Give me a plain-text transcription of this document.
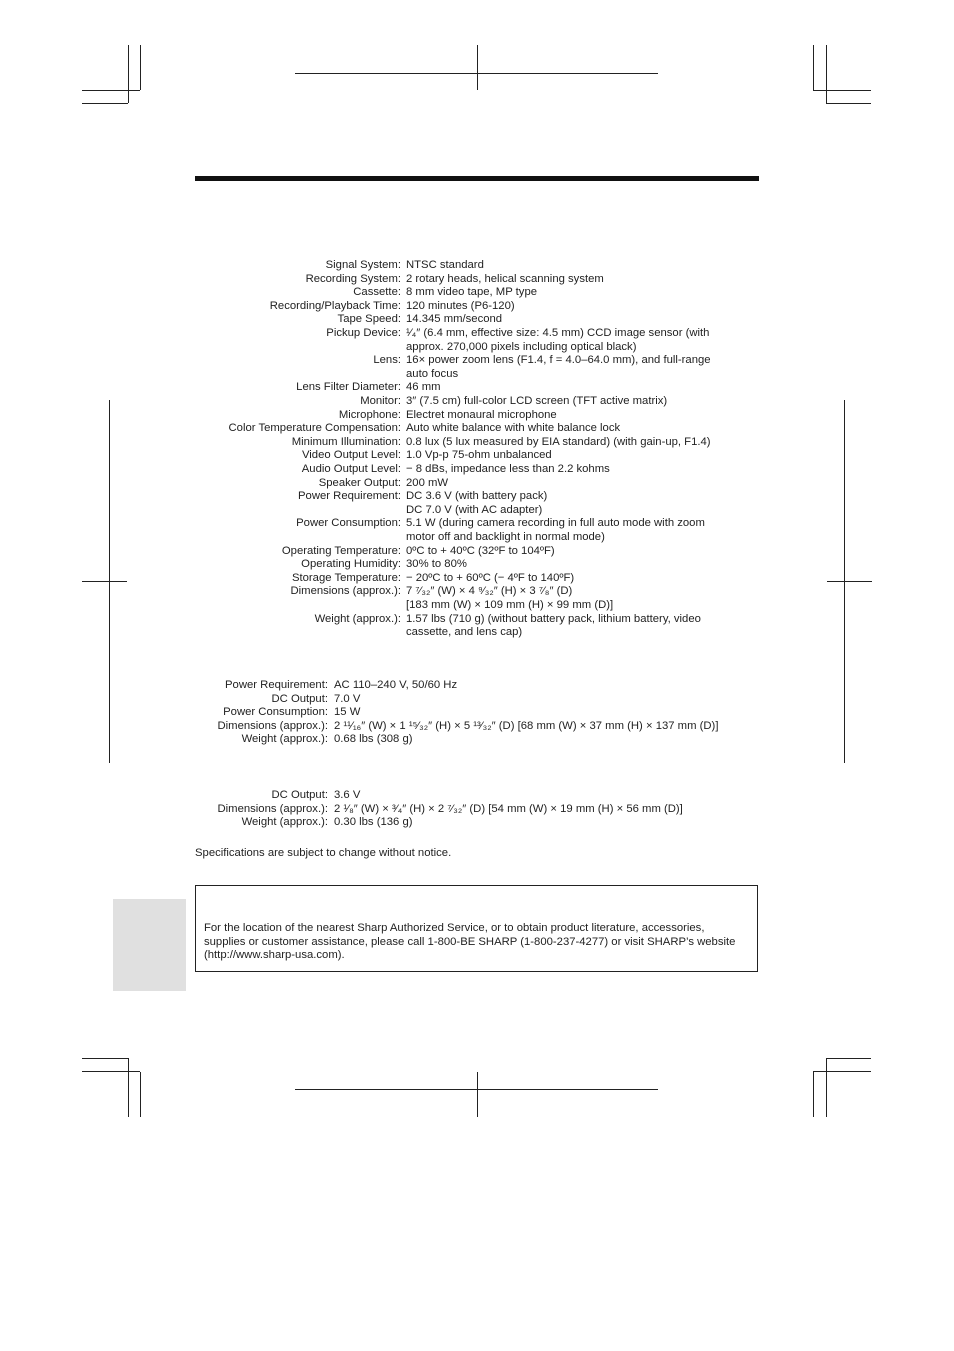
Signal System: NTSC standard
Recording System: 2 rotary heads, helical scanning system
Cassette: 8 mm video tape, MP type
Recording/Playback Time: 120 minutes (P6-120)
Tape Speed: 14.345 mm/second
Pickup Device: ¹⁄₄″ (6.4 mm, effective size: 4.5 mm) CCD image sensor (with
approx. 270,000 pixels including optical black)
Lens: 16× power zoom lens (F1.4, f = 4.0–64.0 mm), and full-range
auto focus
Lens Filter Diameter: 46 mm
Monitor: 3″ (7.5 cm) full-color LCD screen (TFT active matrix)
Microphone: Electret monaural microphone
Color Temperature Compensation: Auto white balance with white balance lock
Minimum Illumination: 0.8 lux (5 lux measured by EIA standard) (with gain-up, F1.4)
Video Output Level: 1.0 Vp-p 75-ohm unbalanced
Audio Output Level: − 8 dBs, impedance less than 2.2 kohms
Speaker Output: 200 mW
Power Requirement: DC 3.6 V (with battery pack)
DC 7.0 V (with AC adapter)
Power Consumption: 5.1 W (during camera recording in full auto mode with zoom
motor off and backlight in normal mode)
Operating Temperature: 0ºC to + 40ºC (32ºF to 104ºF)
Operating Humidity: 30% to 80%
Storage Temperature: − 20ºC to + 60ºC (− 4ºF to 140ºF)
Dimensions (approx.): 7 ⁷⁄₃₂″ (W) × 4 ⁹⁄₃₂″ (H) × 3 ⁷⁄₈″ (D)
[183 mm (W) × 109 mm (H) × 99 mm (D)]
Weight (approx.): 1.57 lbs (710 g) (without battery pack, lithium battery, video
cassette, and lens cap)
Power Requirement: AC 110–240 V, 50/60 Hz
DC Output: 7.0 V
Power Consumption: 15 W
Dimensions (approx.): 2 ¹¹⁄₁₆″ (W) × 1 ¹⁵⁄₃₂″ (H) × 5 ¹³⁄₃₂″ (D) [68 mm (W) × 37 mm (H) × 137 mm (D)]
Weight (approx.): 0.68 lbs (308 g)
DC Output: 3.6 V
Dimensions (approx.): 2 ¹⁄₈″ (W) × ³⁄₄″ (H) × 2 ⁷⁄₃₂″ (D) [54 mm (W) × 19 mm (H) × 56 mm (D)]
Weight (approx.): 0.30 lbs (136 g)
Specifications are subject to change without notice.
For the location of the nearest Sharp Authorized Service, or to obtain product literature, accessories, supplies or customer assistance, please call 1-800-BE SHARP (1-800-237-4277) or visit SHARP’s website (http://www.sharp-usa.com).
